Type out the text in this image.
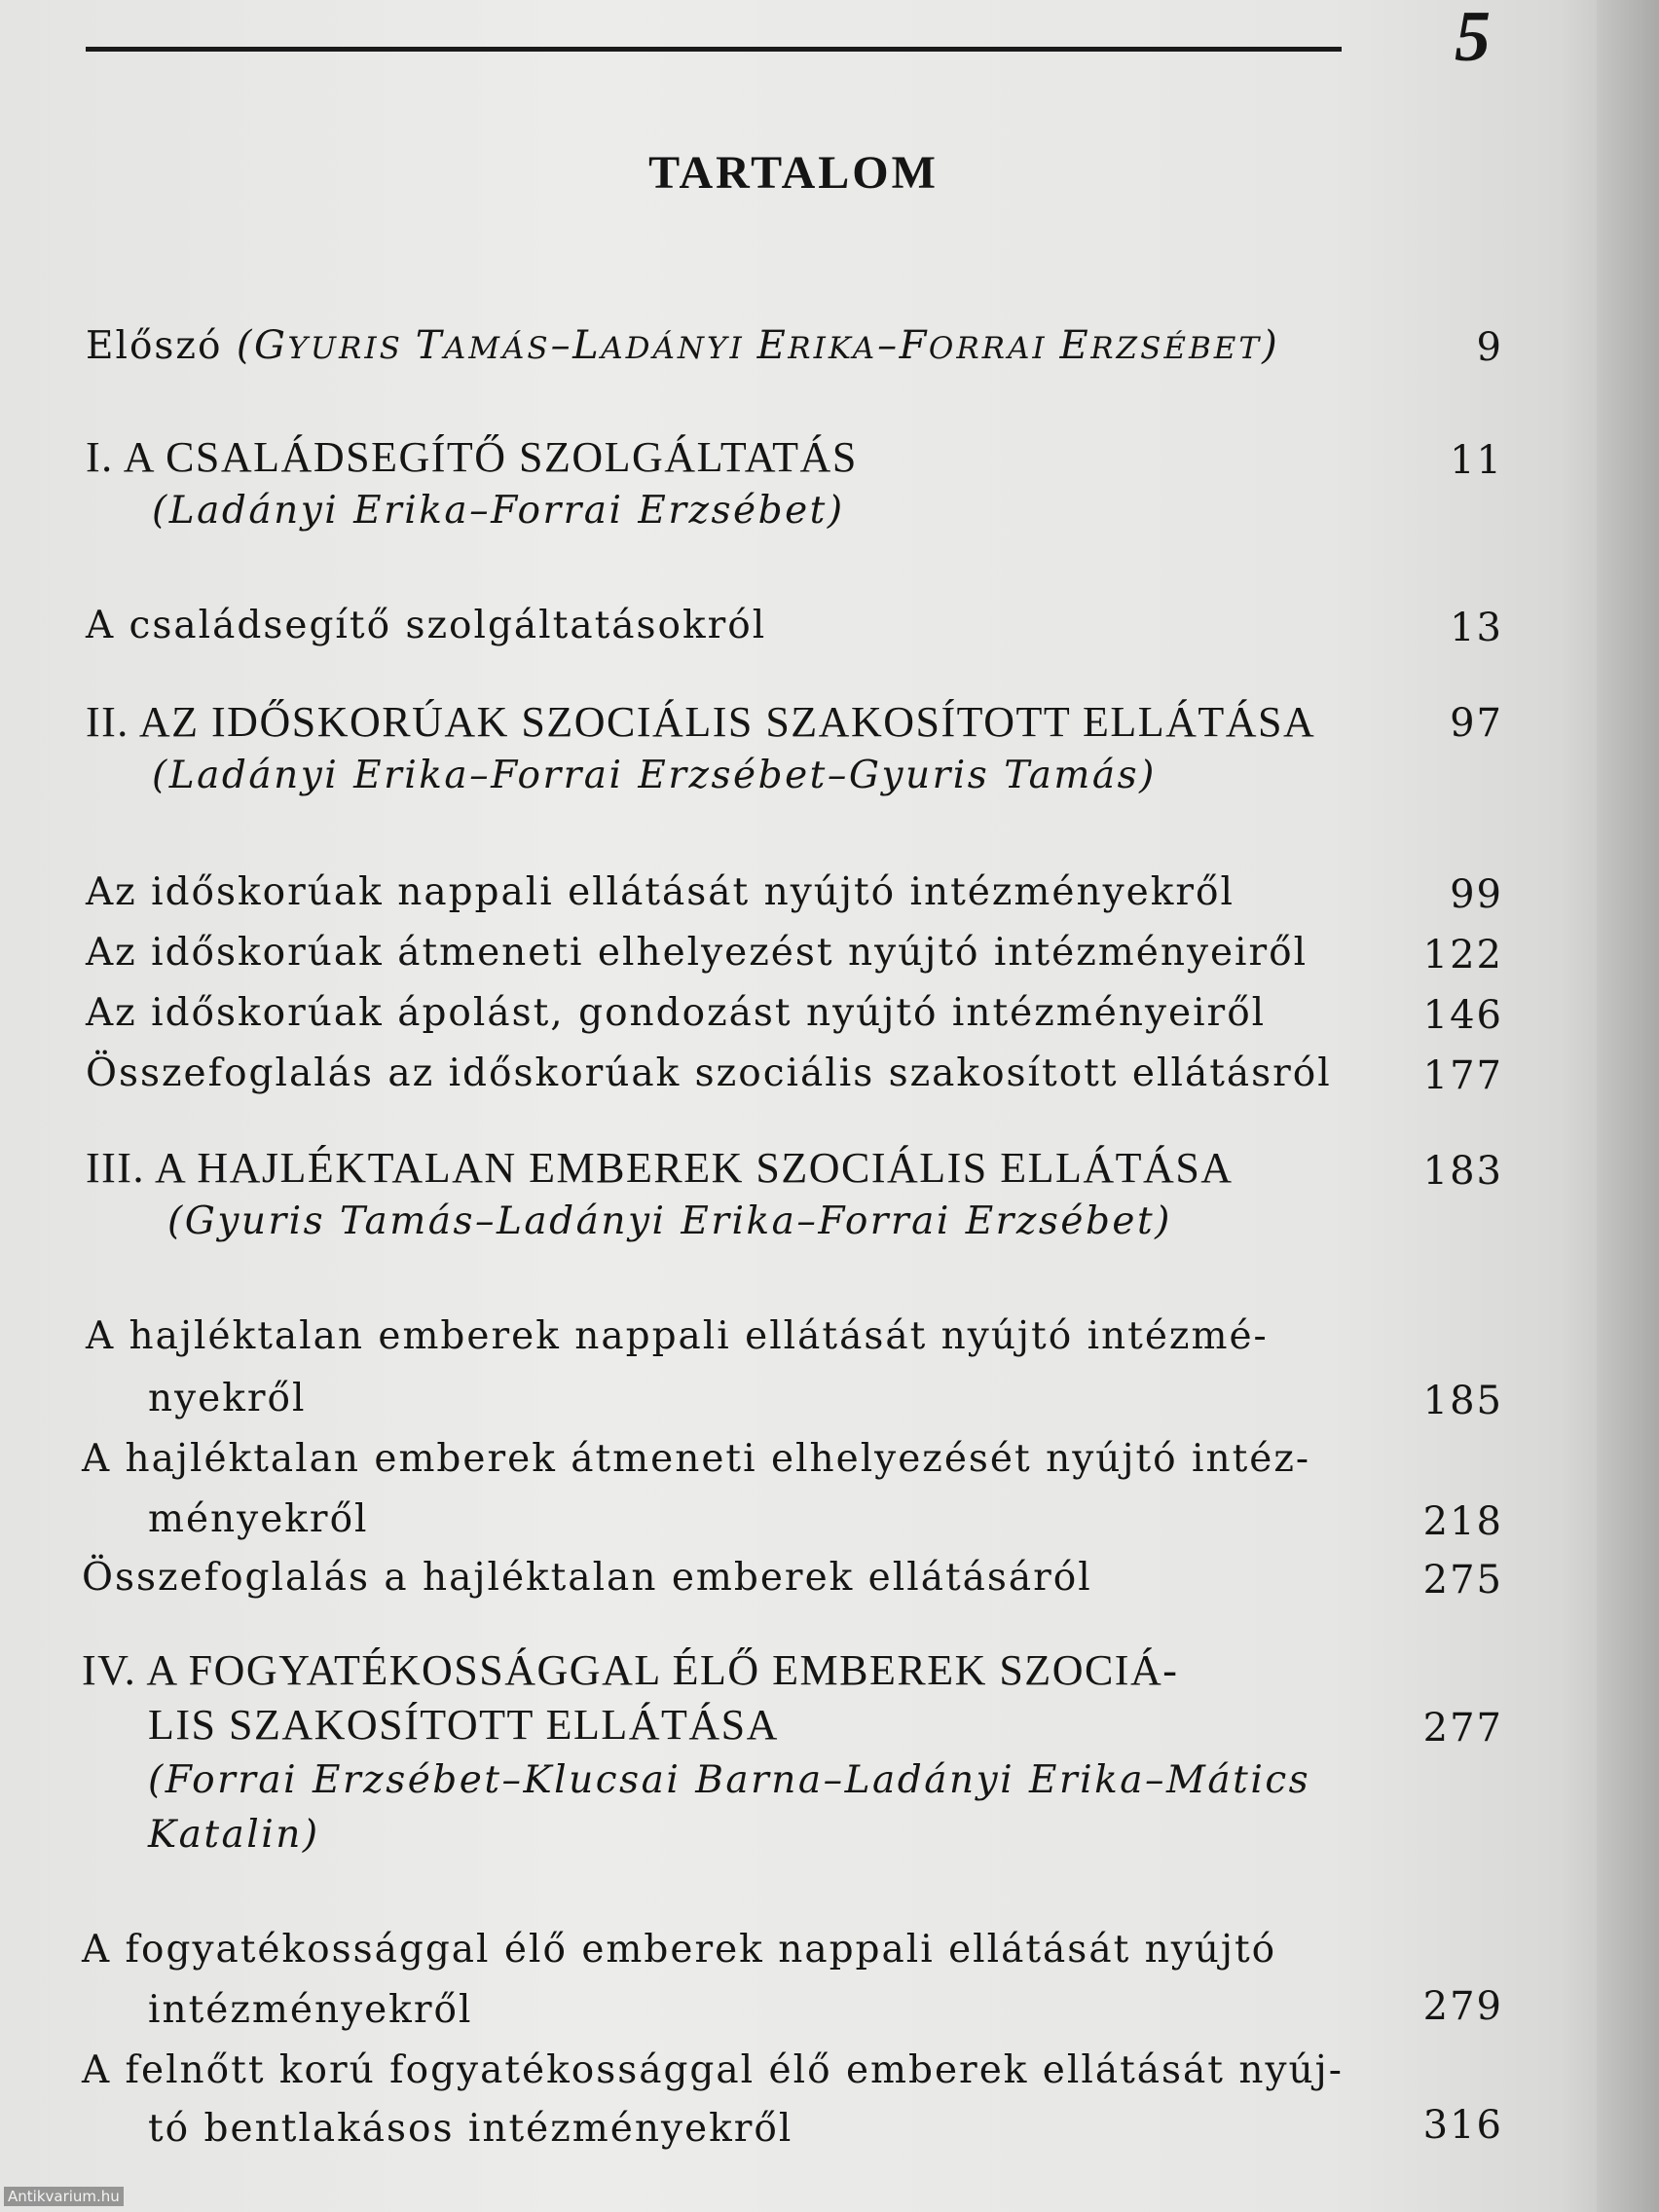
5
TARTALOM
Előszó (GYURIS TAMÁS–LADÁNYI ERIKA–FORRAI ERZSÉBET)	9
I. A CSALÁDSEGÍTŐ SZOLGÁLTATÁS	11
(Ladányi Erika–Forrai Erzsébet)
A családsegítő szolgáltatásokról	13
II. AZ IDŐSKORÚAK SZOCIÁLIS SZAKOSÍTOTT ELLÁTÁSA	97
(Ladányi Erika–Forrai Erzsébet–Gyuris Tamás)
Az időskorúak nappali ellátását nyújtó intézményekről	99
Az időskorúak átmeneti elhelyezést nyújtó intézményeiről	122
Az időskorúak ápolást, gondozást nyújtó intézményeiről	146
Összefoglalás az időskorúak szociális szakosított ellátásról 177
III. A HAJLÉKTALAN EMBEREK SZOCIÁLIS ELLÁTÁSA	183
(Gyuris Tamás–Ladányi Erika–Forrai Erzsébet)
A hajléktalan emberek nappali ellátását nyújtó intézmé-
nyekről	185
A hajléktalan emberek átmeneti elhelyezését nyújtó intéz-
ményekről	218
Összefoglalás a hajléktalan emberek ellátásáról	275
IV. A FOGYATÉKOSSÁGGAL ÉLŐ EMBEREK SZOCIÁ-
LIS SZAKOSÍTOTT ELLÁTÁSA	277
(Forrai Erzsébet–Klucsai Barna–Ladányi Erika–Mátics
Katalin)
A fogyatékossággal élő emberek nappali ellátását nyújtó
intézményekről	279
A felnőtt korú fogyatékossággal élő emberek ellátását nyúj-
tó bentlakásos intézményekről	316
Antikvarium.hu
